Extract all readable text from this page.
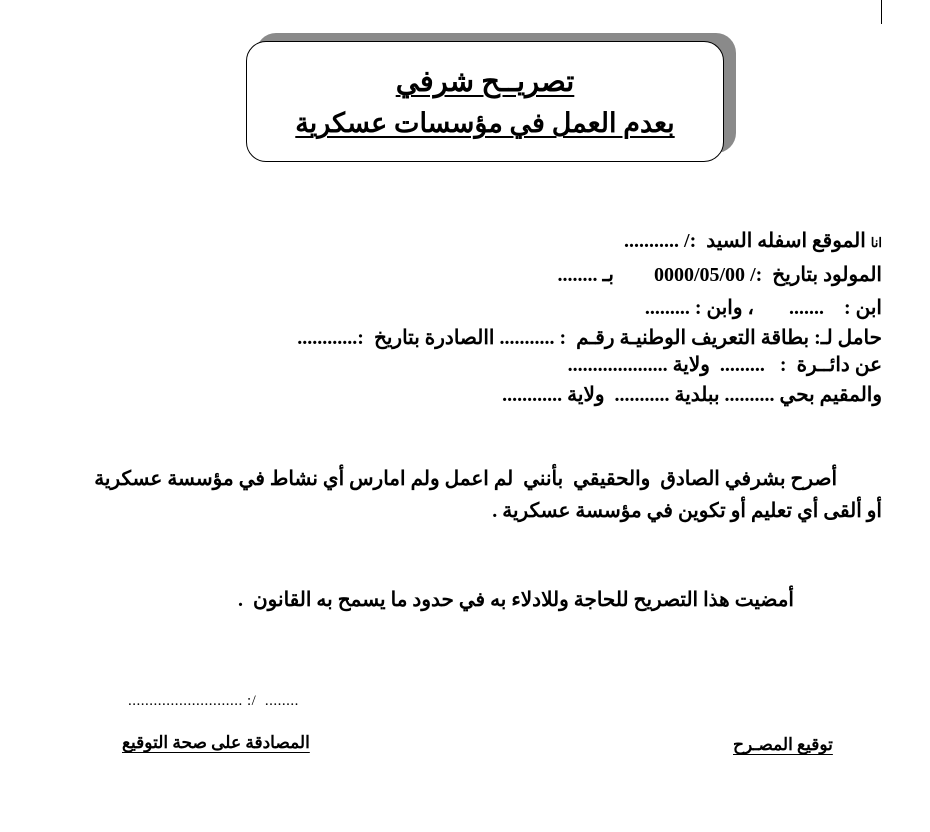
تصريــح شرفي
بعدم العمل في مؤسسات عسكرية
انا الموقع اسفله السيد  :/ ...........
المولود بتاريخ  :/ 0000/05/00        بـ ........
ابن :    .......       ، وابن : .........
حامل لـ: بطاقة التعريف الوطنيـة رقـم  : ........... االصادرة بتاريخ  :............
عن دائــرة  :   .........  ولاية ....................
والمقيم بحي .......... ببلدية ...........  ولاية ............
أصرح بشرفي الصادق  والحقيقي  بأنني  لم اعمل ولم امارس أي نشاط في مؤسسة عسكرية
أو ألقى أي تعليم أو تكوين في مؤسسة عسكرية .
أمضيت هذا التصريح للحاجة وللادلاء به في حدود ما يسمح به القانون  .
........................... :/  ........
المصادقة على صحة التوقيع	توقيع المصـرح
